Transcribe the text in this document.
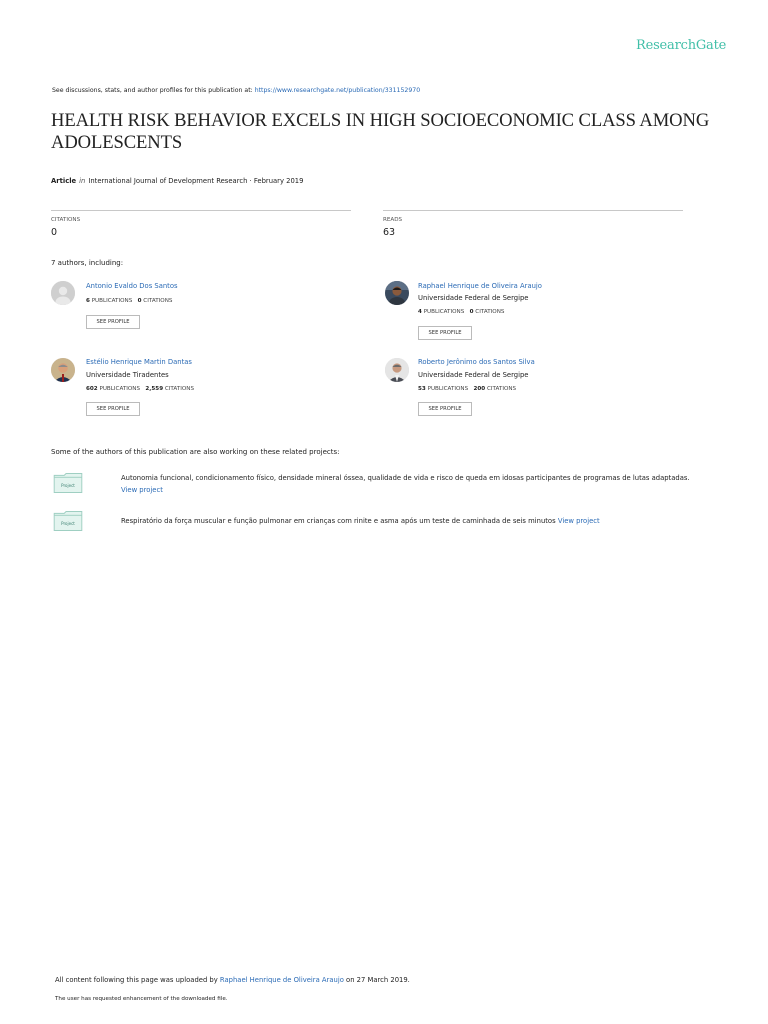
ResearchGate
See discussions, stats, and author profiles for this publication at: https://www.researchgate.net/publication/331152970
HEALTH RISK BEHAVIOR EXCELS IN HIGH SOCIOECONOMIC CLASS AMONG ADOLESCENTS
Article in International Journal of Development Research · February 2019
CITATIONS
0
READS
63
7 authors, including:
Antonio Evaldo Dos Santos
6 PUBLICATIONS 0 CITATIONS
SEE PROFILE
Raphael Henrique de Oliveira Araujo
Universidade Federal de Sergipe
4 PUBLICATIONS 0 CITATIONS
SEE PROFILE
Estélio Henrique Martin Dantas
Universidade Tiradentes
602 PUBLICATIONS 2,559 CITATIONS
SEE PROFILE
Roberto Jerônimo dos Santos Silva
Universidade Federal de Sergipe
53 PUBLICATIONS 200 CITATIONS
SEE PROFILE
Some of the authors of this publication are also working on these related projects:
Project
Autonomia funcional, condicionamento físico, densidade mineral óssea, qualidade de vida e risco de queda em idosas participantes de programas de lutas adaptadas.
View project
Project	Respiratório da força muscular e função pulmonar em crianças com rinite e asma após um teste de caminhada de seis minutos View project
All content following this page was uploaded by Raphael Henrique de Oliveira Araujo on 27 March 2019.
The user has requested enhancement of the downloaded file.
